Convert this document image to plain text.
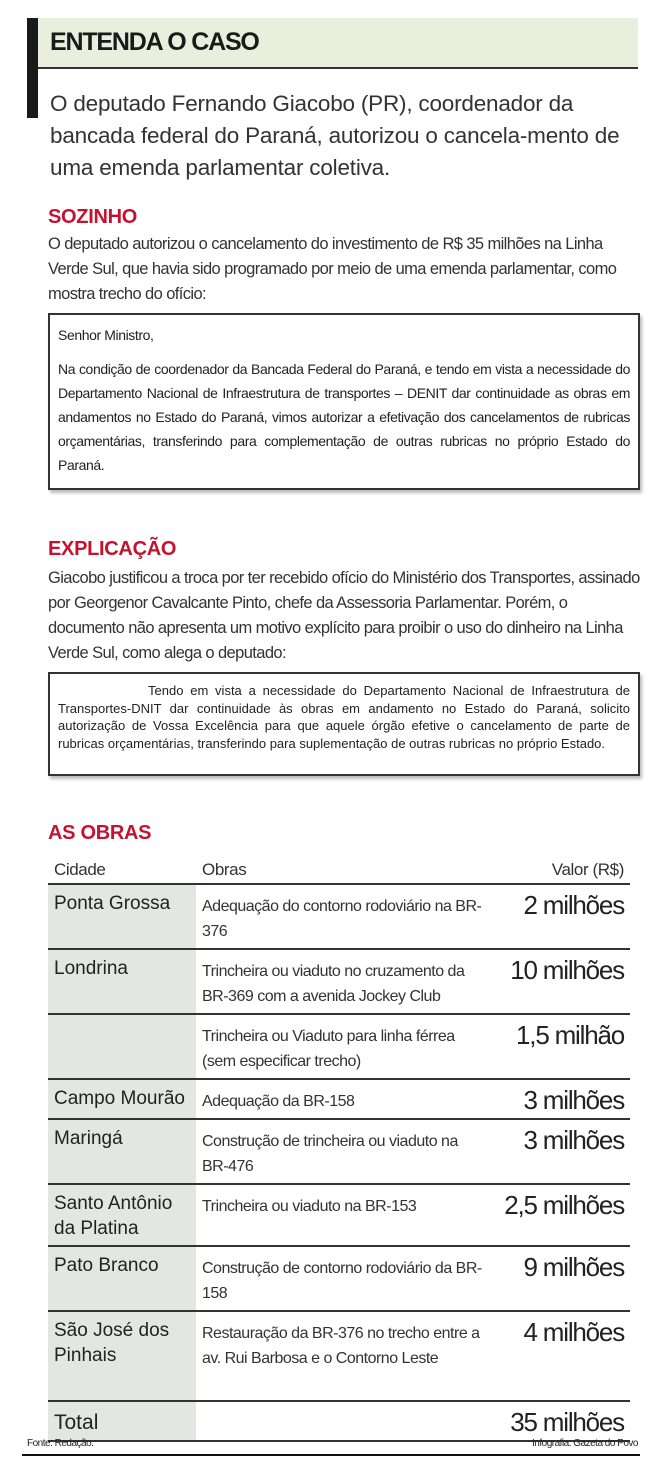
ENTENDA O CASO

O deputado Fernando Giacobo (PR), coordenador da bancada federal do Paraná, autorizou o cancela-mento de uma emenda parlamentar coletiva.

SOZINHO

O deputado autorizou o cancelamento do investimento de R$ 35 milhões na Linha Verde Sul, que havia sido programado por meio de uma emenda parlamentar, como mostra trecho do ofício:

Senhor Ministro,

Na condição de coordenador da Bancada Federal do Paraná, e tendo em vista a necessidade do Departamento Nacional de Infraestrutura de transportes – DENIT dar continuidade as obras em andamentos no Estado do Paraná, vimos autorizar a efetivação dos cancelamentos de rubricas orçamentárias, transferindo para complementação de outras rubricas no próprio Estado do Paraná.

EXPLICAÇÃO

Giacobo justificou a troca por ter recebido ofício do Ministério dos Transportes, assinado por Georgenor Cavalcante Pinto, chefe da Assessoria Parlamentar. Porém, o documento não apresenta um motivo explícito para proibir o uso do dinheiro na Linha Verde Sul, como alega o deputado:

Tendo em vista a necessidade do Departamento Nacional de Infraestrutura de Transportes-DNIT dar continuidade às obras em andamento no Estado do Paraná, solicito autorização de Vossa Excelência para que aquele órgão efetive o cancelamento de parte de rubricas orçamentárias, transferindo para suplementação de outras rubricas no próprio Estado.

AS OBRAS
Cidade	Obras	Valor (R$)
Ponta Grossa	Adequação do contorno rodoviário na BR-376	2 milhões
Londrina	Trincheira ou viaduto no cruzamento da BR-369 com a avenida Jockey Club	10 milhões
	Trincheira ou Viaduto para linha férrea (sem especificar trecho)	1,5 milhão
Campo Mourão	Adequação da BR-158	3 milhões
Maringá	Construção de trincheira ou viaduto na BR-476	3 milhões
Santo Antônio da Platina	Trincheira ou viaduto na BR-153	2,5 milhões
Pato Branco	Construção de contorno rodoviário da BR-158	9 milhões
São José dos Pinhais	Restauração da BR-376 no trecho entre a av. Rui Barbosa e o Contorno Leste	4 milhões
Total		35 milhões
Fonte: Redação.	Infografia: Gazeta do Povo
